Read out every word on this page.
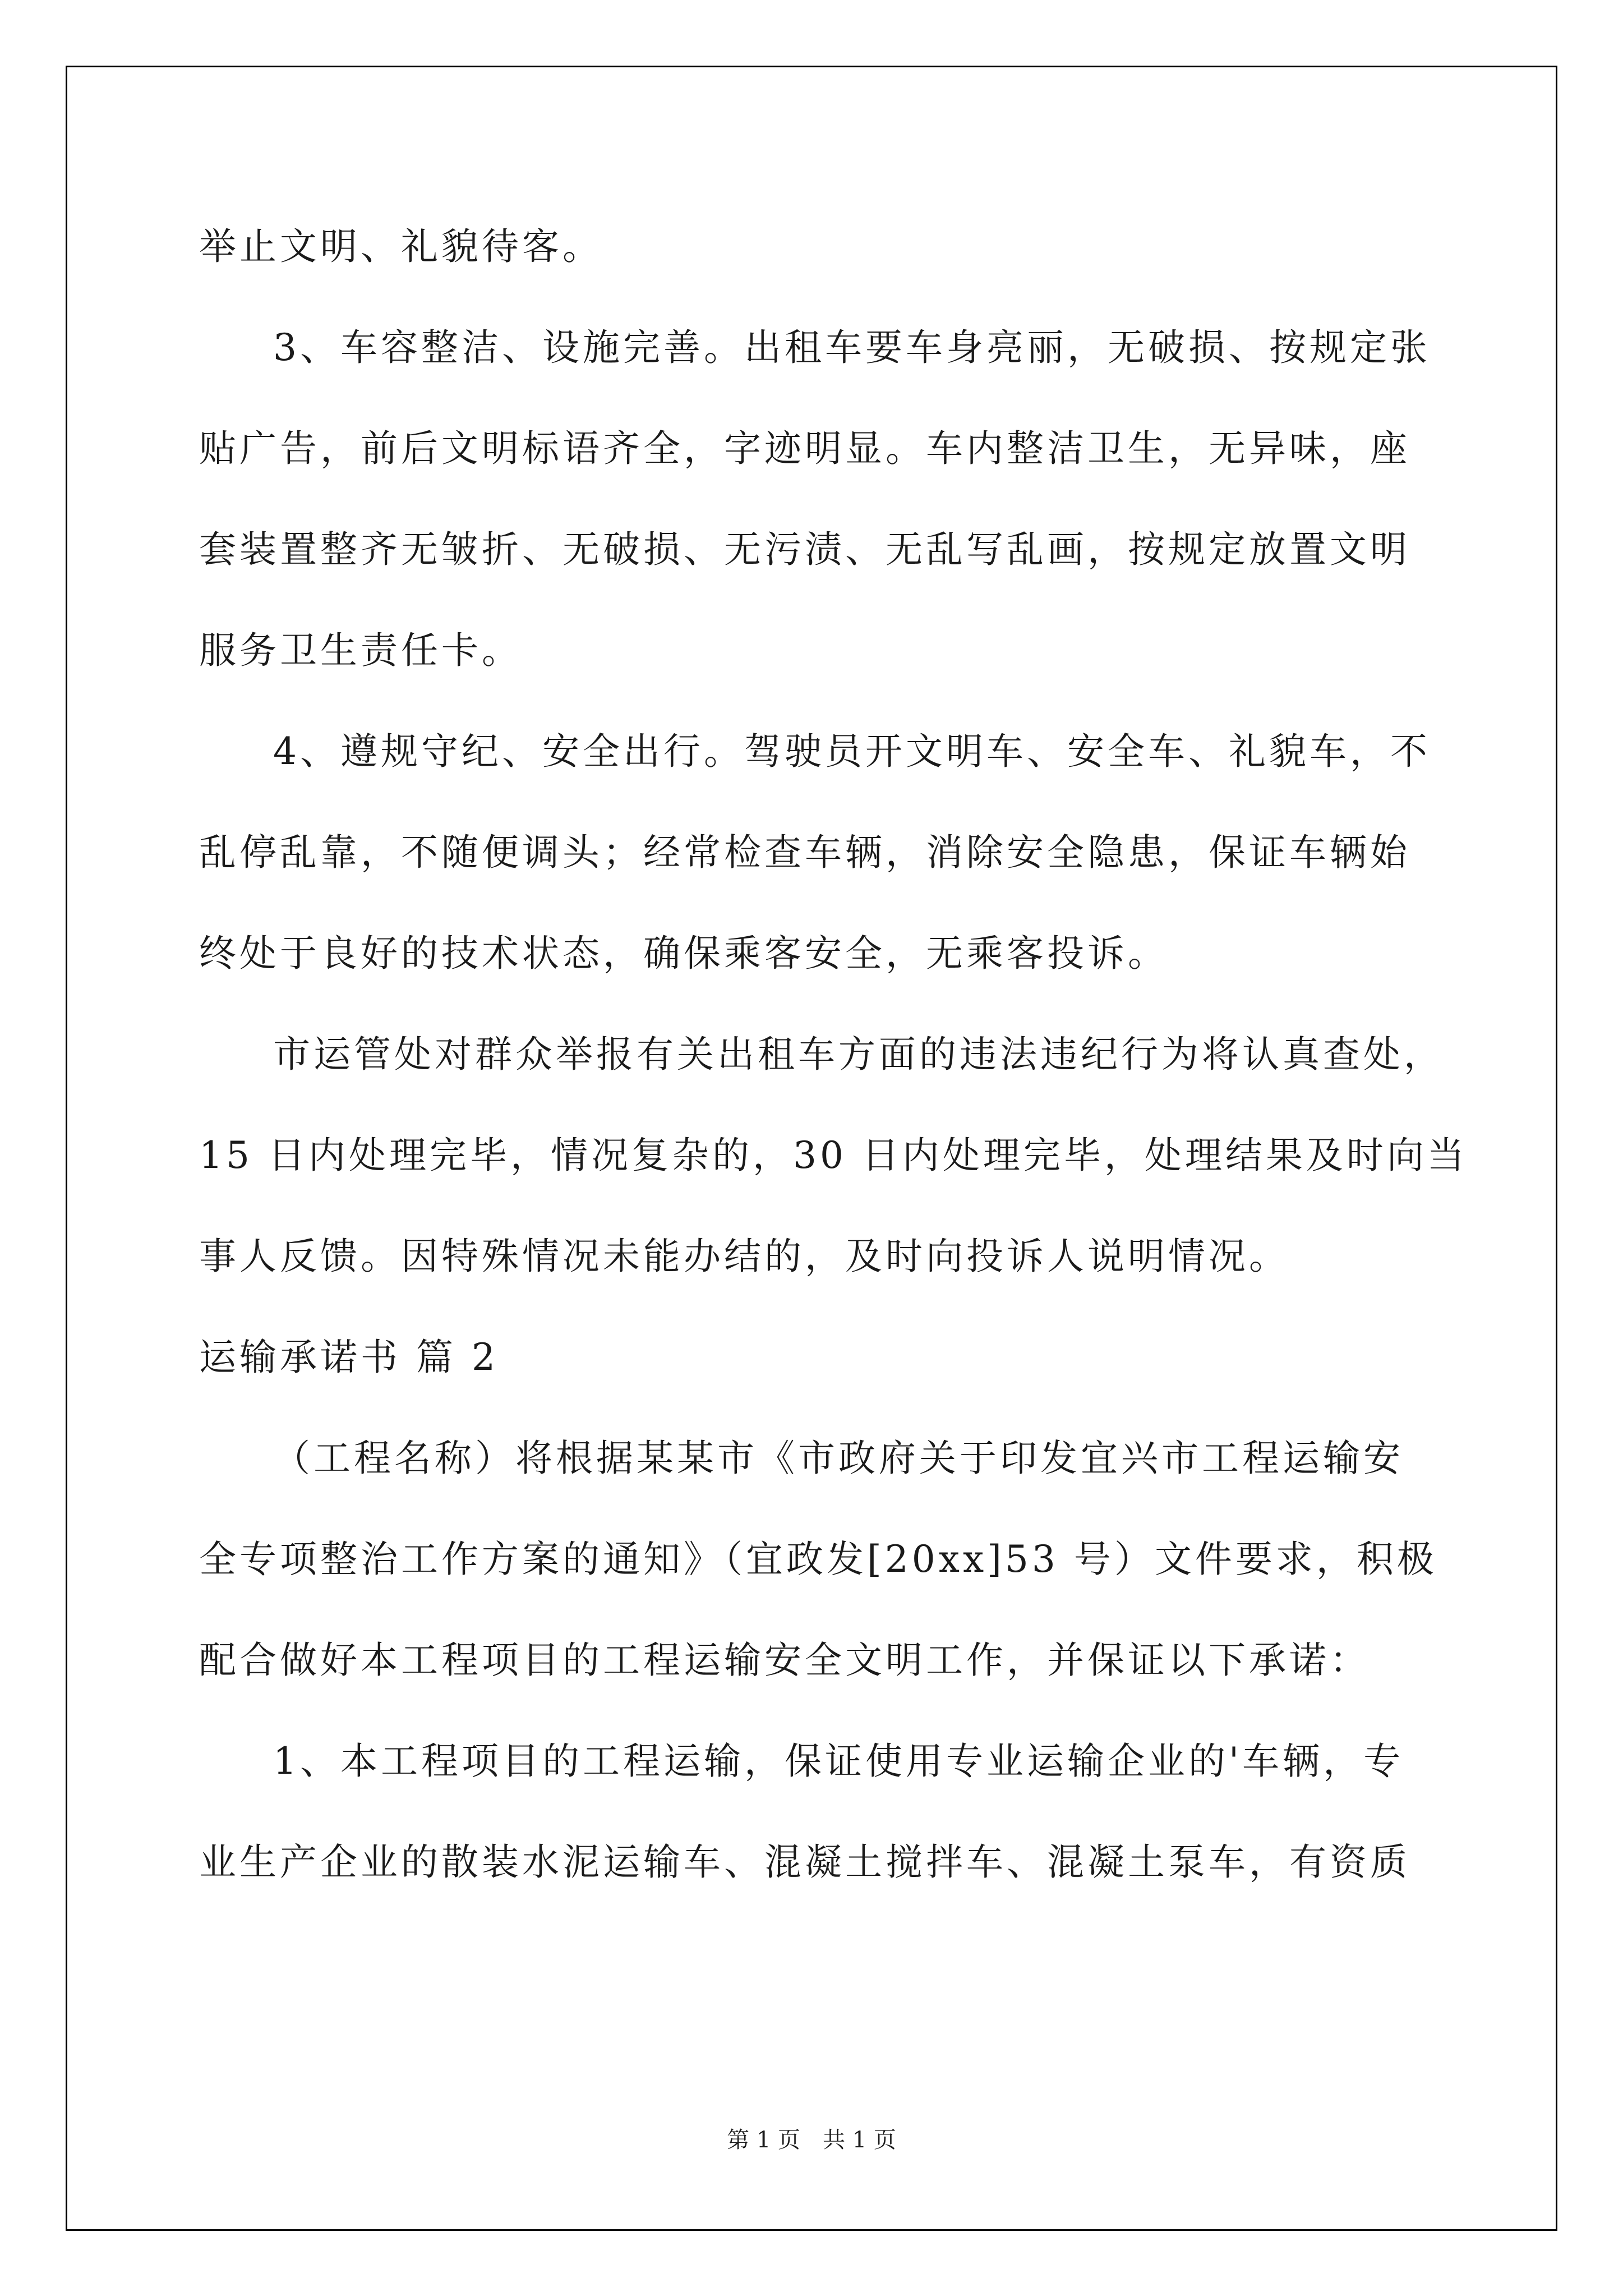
举止文明、礼貌待客。
3、车容整洁、设施完善。出租车要车身亮丽，无破损、按规定张
贴广告，前后文明标语齐全，字迹明显。车内整洁卫生，无异味，座
套装置整齐无皱折、无破损、无污渍、无乱写乱画，按规定放置文明
服务卫生责任卡。
4、遵规守纪、安全出行。驾驶员开文明车、安全车、礼貌车，不
乱停乱靠，不随便调头；经常检查车辆，消除安全隐患，保证车辆始
终处于良好的技术状态，确保乘客安全，无乘客投诉。
市运管处对群众举报有关出租车方面的违法违纪行为将认真查处，
15 日内处理完毕，情况复杂的，30 日内处理完毕，处理结果及时向当
事人反馈。因特殊情况未能办结的，及时向投诉人说明情况。
运输承诺书 篇 2
（工程名称）将根据某某市《市政府关于印发宜兴市工程运输安
全专项整治工作方案的通知》（宜政发[20xx]53 号）文件要求，积极
配合做好本工程项目的工程运输安全文明工作，并保证以下承诺：
1、本工程项目的工程运输，保证使用专业运输企业的'车辆，专
业生产企业的散装水泥运输车、混凝土搅拌车、混凝土泵车，有资质
第 1 页　共 1 页
